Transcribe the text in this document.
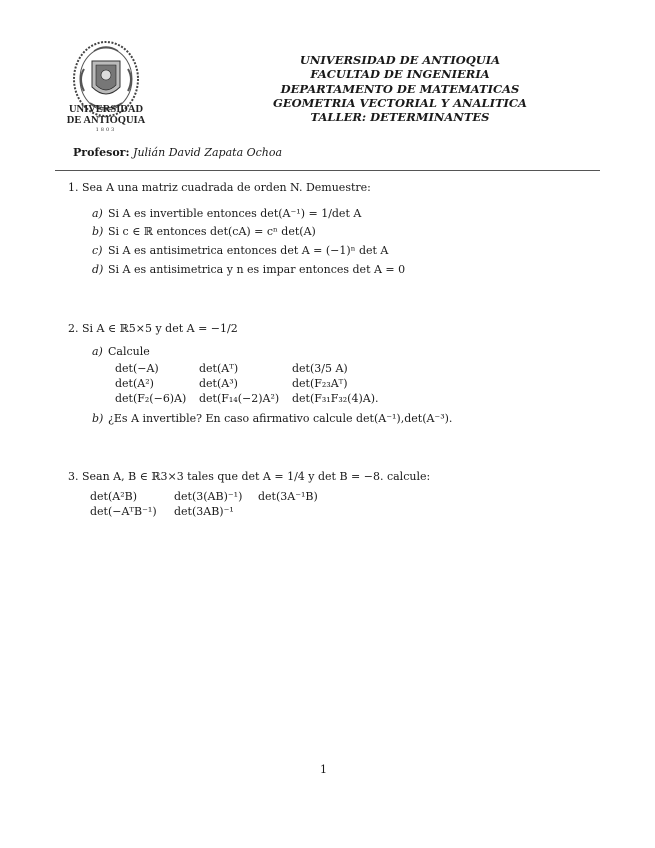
UNIVERSIDAD
DE ANTIOQUIA
1803
UNIVERSIDAD DE ANTIOQUIA
FACULTAD DE INGENIERIA
DEPARTAMENTO DE MATEMATICAS
GEOMETRIA VECTORIAL Y ANALITICA
TALLER: DETERMINANTES
Profesor: Julián David Zapata Ochoa
1. Sea A una matriz cuadrada de orden N. Demuestre:
a) Si A es invertible entonces det(A⁻¹) = 1/det A
b) Si c ∈ ℝ entonces det(cA) = cⁿ det(A)
c) Si A es antisimetrica entonces det A = (−1)ⁿ det A
d) Si A es antisimetrica y n es impar entonces det A = 0
2. Si A ∈ ℝ5×5 y det A = −1/2
a) Calcule
det(−A)	det(Aᵀ)	det(3/5 A)
det(A²)	det(A³)	det(F₂₃Aᵀ)
det(F₂(−6)A) det(F₁₄(−2)A²) det(F₃₁F₃₂(4)A).
b) ¿Es A invertible? En caso afirmativo calcule det(A⁻¹),det(A⁻³).
3. Sean A, B ∈ ℝ3×3 tales que det A = 1/4 y det B = −8. calcule:
det(A²B)	det(3(AB)⁻¹) det(3A⁻¹B)
det(−AᵀB⁻¹) det(3AB)⁻¹
1
